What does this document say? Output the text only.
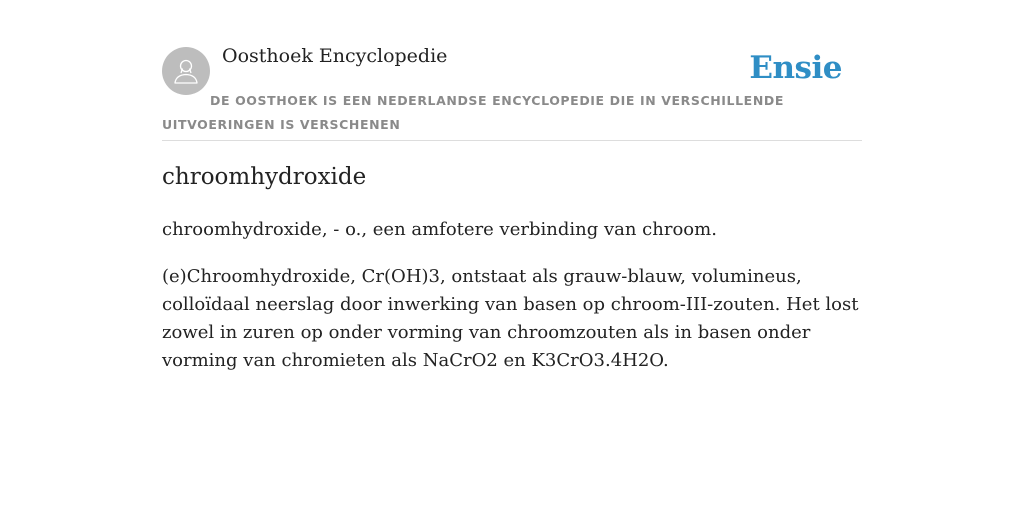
Oosthoek Encyclopedie	Ensie

DE OOSTHOEK IS EEN NEDERLANDSE ENCYCLOPEDIE DIE IN VERSCHILLENDE UITVOERINGEN IS VERSCHENEN

chroomhydroxide

chroomhydroxide, - o., een amfotere verbinding van chroom.

(e)Chroomhydroxide, Cr(OH)3, ontstaat als grauw-blauw, volumineus, colloïdaal neerslag door inwerking van basen op chroom-III-zouten. Het lost zowel in zuren op onder vorming van chroomzouten als in basen onder vorming van chromieten als NaCrO2 en K3CrO3.4H2O.
